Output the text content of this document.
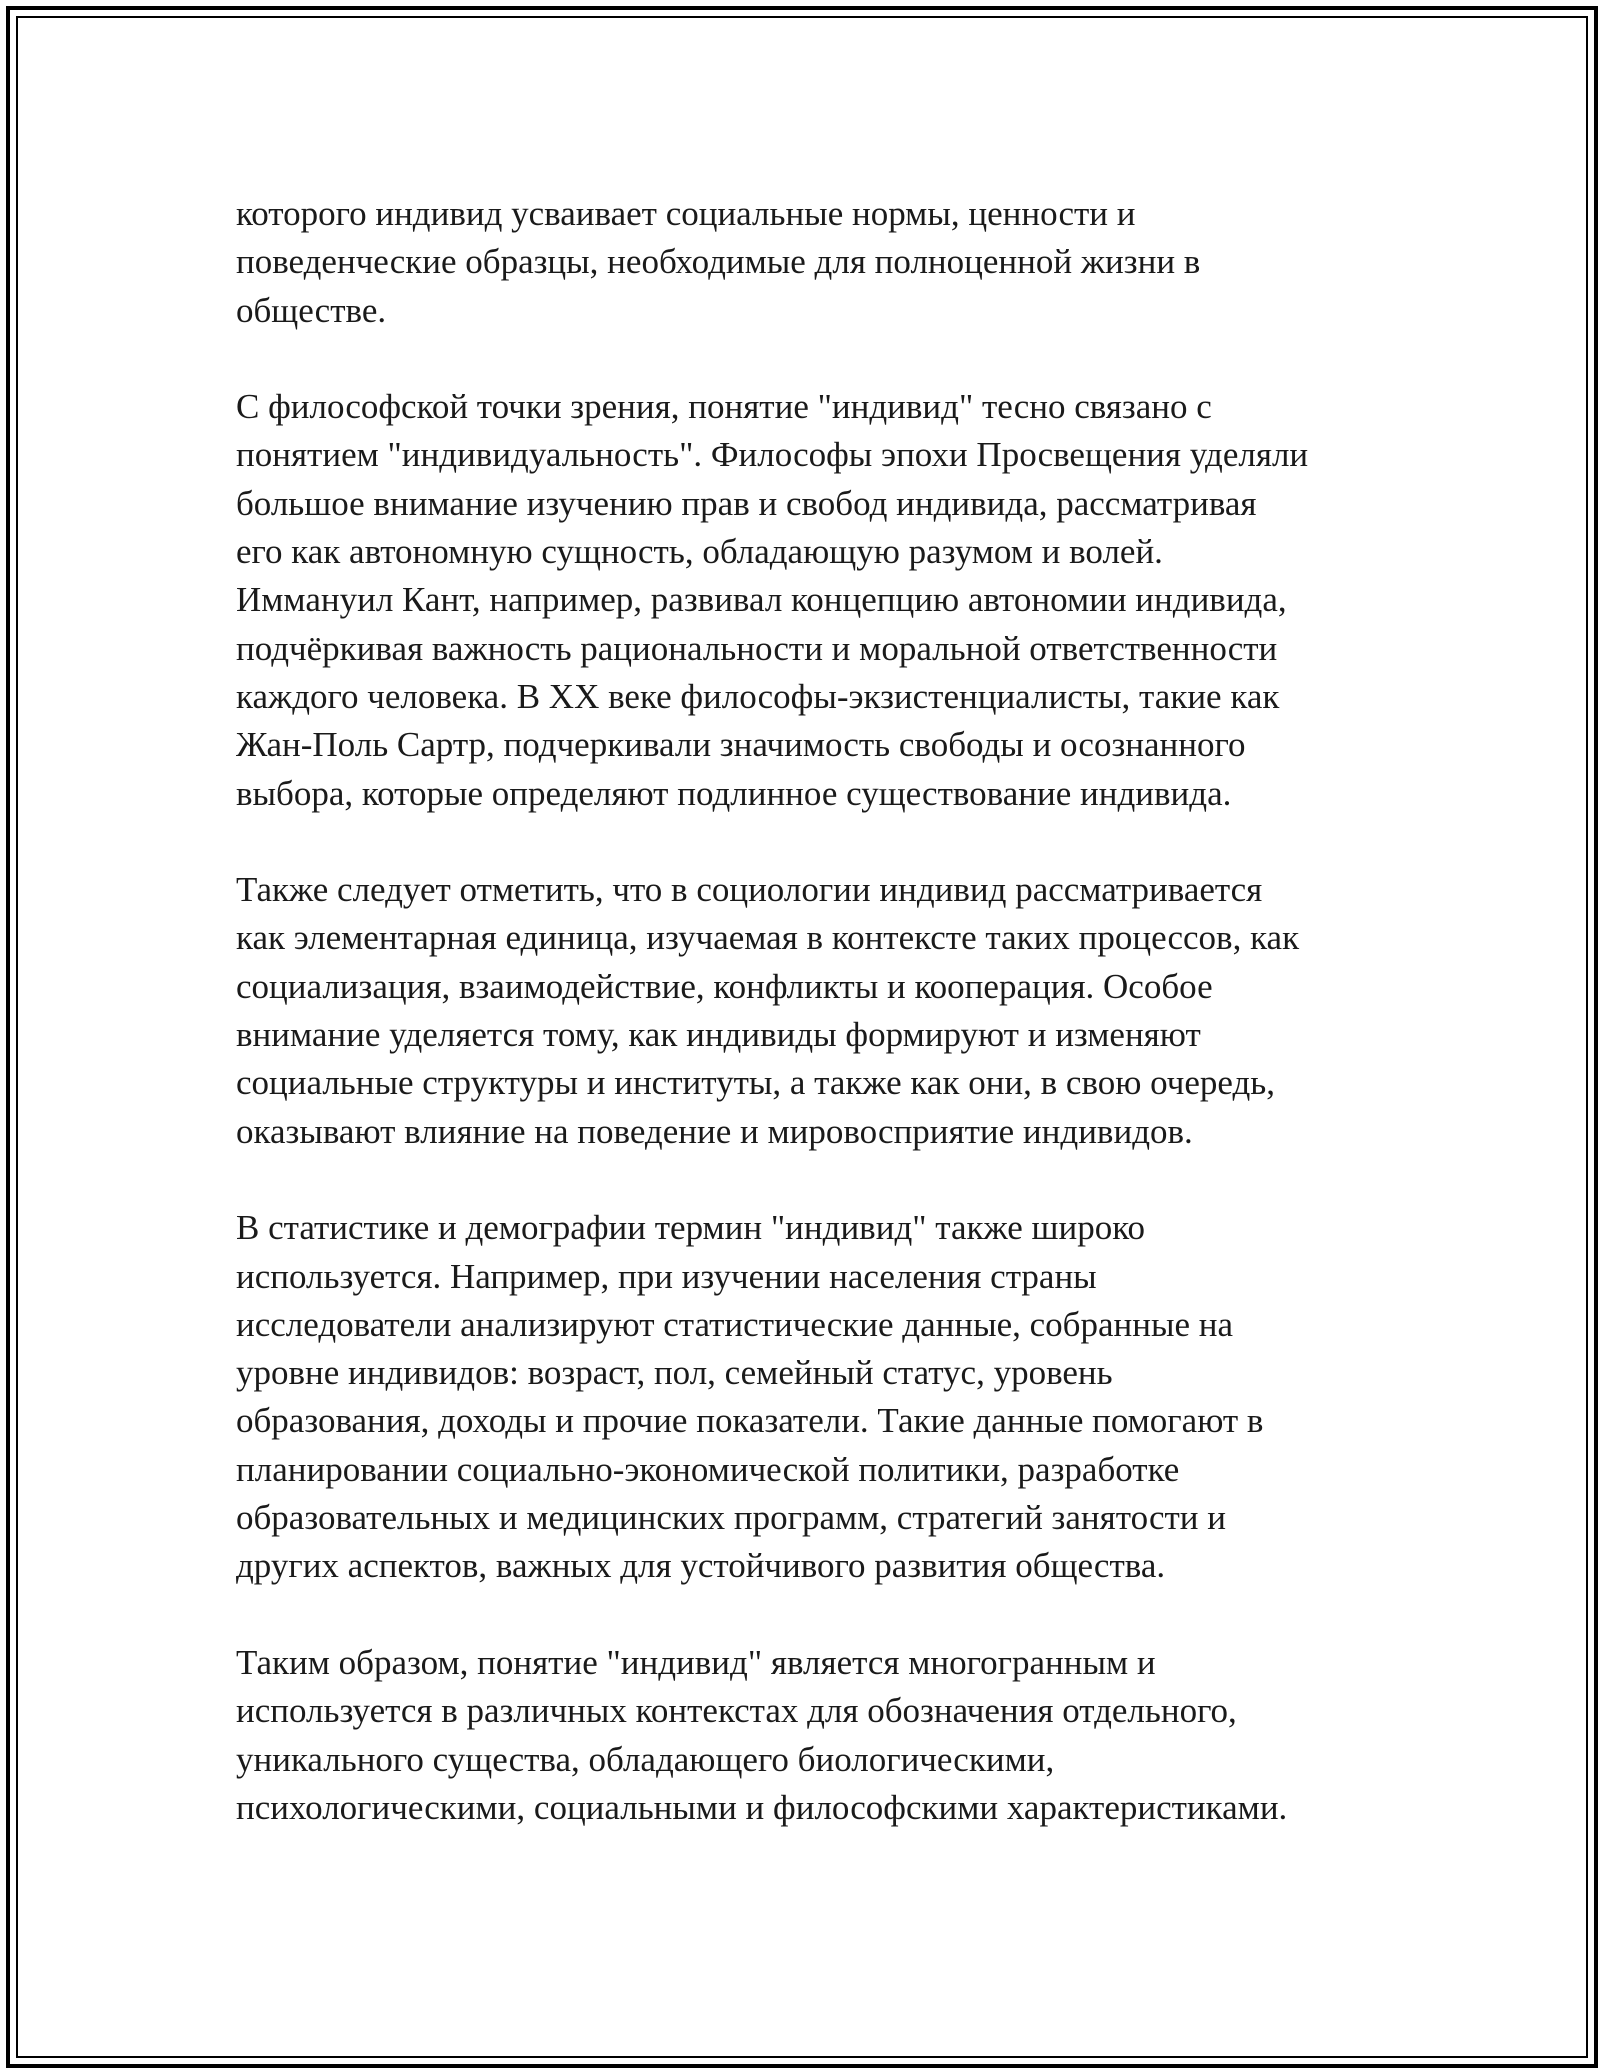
которого индивид усваивает социальные нормы, ценности и
поведенческие образцы, необходимые для полноценной жизни в
обществе.

С философской точки зрения, понятие "индивид" тесно связано с
понятием "индивидуальность". Философы эпохи Просвещения уделяли
большое внимание изучению прав и свобод индивида, рассматривая
его как автономную сущность, обладающую разумом и волей.
Иммануил Кант, например, развивал концепцию автономии индивида,
подчёркивая важность рациональности и моральной ответственности
каждого человека. В XX веке философы-экзистенциалисты, такие как
Жан-Поль Сартр, подчеркивали значимость свободы и осознанного
выбора, которые определяют подлинное существование индивида.

Также следует отметить, что в социологии индивид рассматривается
как элементарная единица, изучаемая в контексте таких процессов, как
социализация, взаимодействие, конфликты и кооперация. Особое
внимание уделяется тому, как индивиды формируют и изменяют
социальные структуры и институты, а также как они, в свою очередь,
оказывают влияние на поведение и мировосприятие индивидов.

В статистике и демографии термин "индивид" также широко
используется. Например, при изучении населения страны
исследователи анализируют статистические данные, собранные на
уровне индивидов: возраст, пол, семейный статус, уровень
образования, доходы и прочие показатели. Такие данные помогают в
планировании социально-экономической политики, разработке
образовательных и медицинских программ, стратегий занятости и
других аспектов, важных для устойчивого развития общества.

Таким образом, понятие "индивид" является многогранным и
используется в различных контекстах для обозначения отдельного,
уникального существа, обладающего биологическими,
психологическими, социальными и философскими характеристиками.
